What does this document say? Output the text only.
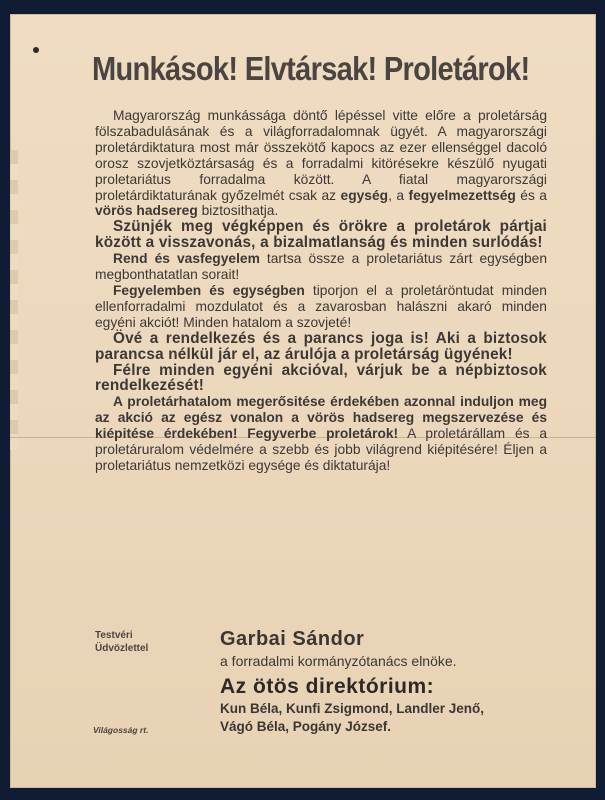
Munkások! Elvtársak! Proletárok!

Magyarország munkássága döntő lépéssel vitte előre a proletárság fölszabadulásának és a világforradalomnak ügyét. A magyarországi proletárdiktatura most már összekötő kapocs az ezer ellenséggel dacoló orosz szovjetköztársaság és a forradalmi kitörésekre készülő nyugati proletariátus forradalma között. A fiatal magyarországi proletárdiktaturának győzelmét csak az egység, a fegyelmezettség és a vörös hadsereg biztosithatja.

Szünjék meg végképpen és örökre a proletárok pártjai között a visszavonás, a bizalmatlanság és minden surlódás!

Rend és vasfegyelem tartsa össze a proletariátus zárt egységben megbonthatatlan sorait!

Fegyelemben és egységben tiporjon el a proletáröntudat minden ellenforradalmi mozdulatot és a zavarosban halászni akaró minden egyéni akciót! Minden hatalom a szovjeté!

Övé a rendelkezés és a parancs joga is! Aki a biztosok parancsa nélkül jár el, az árulója a proletárság ügyének!

Félre minden egyéni akcióval, várjuk be a népbiztosok rendelkezését!

A proletárhatalom megerősitése érdekében azonnal induljon meg az akció az egész vonalon a vörös hadsereg megszervezése és kiépitése érdekében! Fegyverbe proletárok! A proletárállam és a proletáruralom védelmére a szebb és jobb világrend kiépitésére! Éljen a proletariátus nemzetközi egysége és diktaturája!

Testvéri
Üdvözlettel	Garbai Sándor
a forradalmi kormányzótanács elnöke.
Az ötös direktórium:
Kun Béla, Kunfi Zsigmond, Landler Jenő,
Vágó Béla, Pogány József.
Világosság rt.
